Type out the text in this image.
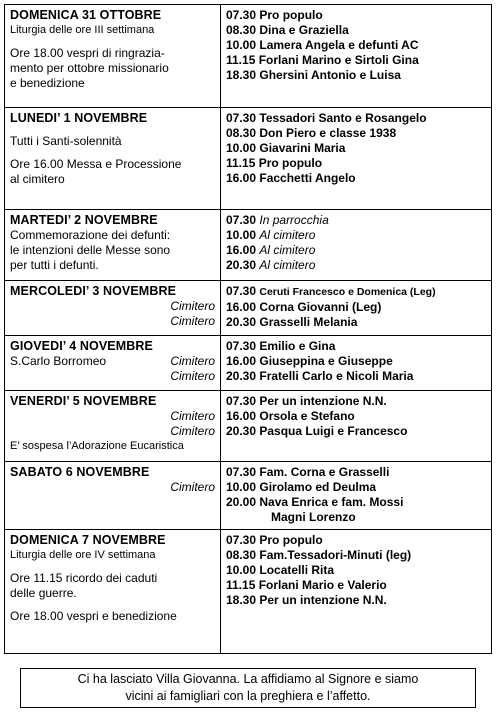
DOMENICA 31 OTTOBRE
Liturgia delle ore III settimana
Ore 18.00 vespri di ringrazia-
mento per ottobre missionario
e benedizione	07.30 Pro populo
08.30 Dina e Graziella
10.00 Lamera Angela e defunti AC
11.15 Forlani Marino e Sirtoli Gina
18.30 Ghersini Antonio e Luisa

LUNEDI’ 1 NOVEMBRE
Tutti i Santi-solennità
Ore 16.00 Messa e Processione
al cimitero	07.30 Tessadori Santo e Rosangelo
08.30 Don Piero e classe 1938
10.00 Giavarini Maria
11.15 Pro populo
16.00 Facchetti Angelo

MARTEDI’ 2 NOVEMBRE
Commemorazione dei defunti:
le intenzioni delle Messe sono
per tutti i defunti.	07.30 In parrocchia
10.00 Al cimitero
16.00 Al cimitero
20.30 Al cimitero

MERCOLEDI’ 3 NOVEMBRE
Cimitero
Cimitero	07.30 Ceruti Francesco e Domenica (Leg)
16.00 Corna Giovanni (Leg)
20.30 Grasselli Melania

GIOVEDI’ 4 NOVEMBRE
S.Carlo Borromeo Cimitero
Cimitero	07.30 Emilio e Gina
16.00 Giuseppina e Giuseppe
20.30 Fratelli Carlo e Nicoli Maria

VENERDI’ 5 NOVEMBRE
Cimitero
Cimitero
E’ sospesa l’Adorazione Eucaristica	07.30 Per un intenzione N.N.
16.00 Orsola e Stefano
20.30 Pasqua Luigi e Francesco

SABATO 6 NOVEMBRE
Cimitero	07.30 Fam. Corna e Grasselli
10.00 Girolamo ed Deulma
20.00 Nava Enrica e fam. Mossi
Magni Lorenzo

DOMENICA 7 NOVEMBRE
Liturgia delle ore IV settimana
Ore 11.15 ricordo dei caduti
delle guerre.
Ore 18.00 vespri e benedizione	07.30 Pro populo
08.30 Fam.Tessadori-Minuti (leg)
10.00 Locatelli Rita
11.15 Forlani Mario e Valerio
18.30 Per un intenzione N.N.
Ci ha lasciato Villa Giovanna. La affidiamo al Signore e siamo
vicini ai famigliari con la preghiera e l’affetto.
